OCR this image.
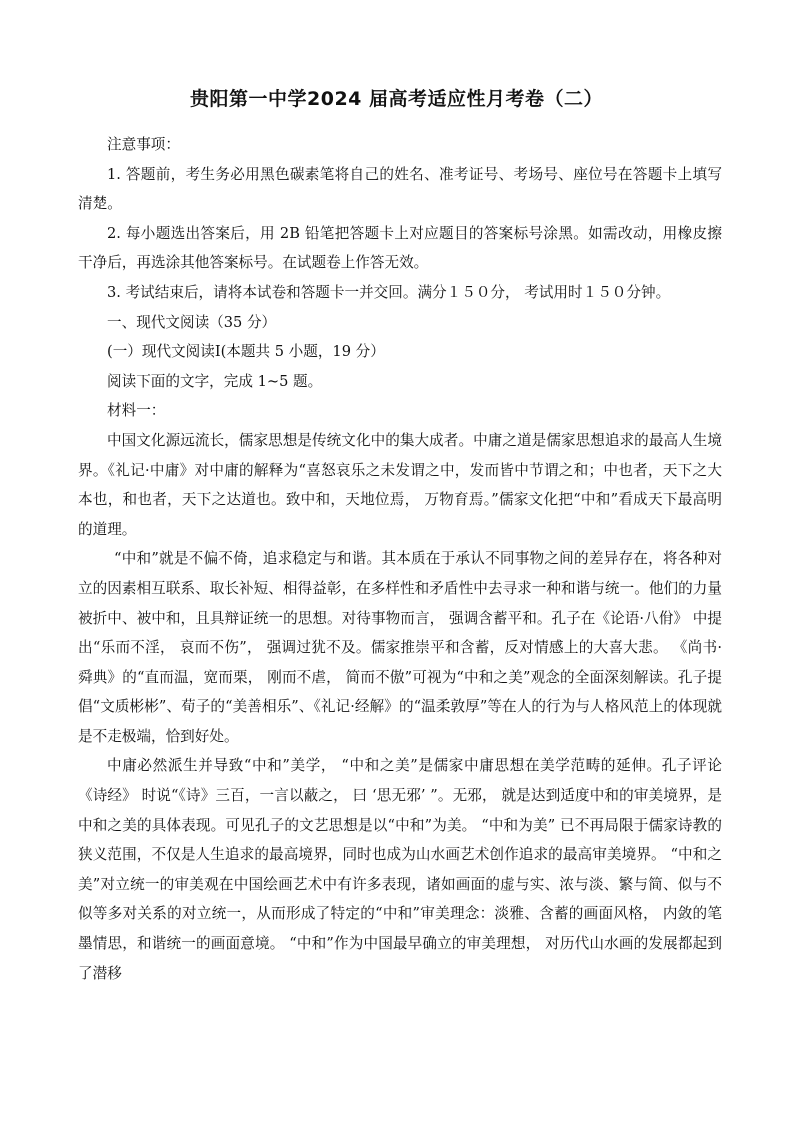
贵阳第一中学2024 届高考适应性月考卷（二）

注意事项：

1. 答题前，考生务必用黑色碳素笔将自己的姓名、准考证号、考场号、座位号在答题卡上填写清楚。

2. 每小题选出答案后，用 2B 铅笔把答题卡上对应题目的答案标号涂黑。如需改动，用橡皮擦干净后，再选涂其他答案标号。在试题卷上作答无效。

3. 考试结束后，请将本试卷和答题卡一并交回。满分１５０分， 考试用时１５０分钟。

一、现代文阅读（35 分）

(一）现代文阅读Ⅰ(本题共 5 小题，19 分）

阅读下面的文字，完成 1~5 题。

材料一：

中国文化源远流长，儒家思想是传统文化中的集大成者。中庸之道是儒家思想追求的最高人生境界。《礼记·中庸》对中庸的解释为“喜怒哀乐之未发谓之中，发而皆中节谓之和；中也者，天下之大本也，和也者，天下之达道也。致中和，天地位焉， 万物育焉。”儒家文化把“中和”看成天下最高明的道理。

“中和”就是不偏不倚，追求稳定与和谐。其本质在于承认不同事物之间的差异存在，将各种对立的因素相互联系、取长补短、相得益彰，在多样性和矛盾性中去寻求一种和谐与统一。他们的力量被折中、被中和，且具辩证统一的思想。对待事物而言， 强调含蓄平和。孔子在《论语·八佾》 中提出“乐而不淫， 哀而不伤”， 强调过犹不及。儒家推崇平和含蓄，反对情感上的大喜大悲。 《尚书·舜典》的“直而温，宽而栗， 刚而不虐， 简而不傲”可视为“中和之美”观念的全面深刻解读。孔子提倡“文质彬彬”、荀子的“美善相乐”、《礼记·经解》的“温柔敦厚”等在人的行为与人格风范上的体现就是不走极端，恰到好处。

中庸必然派生并导致“中和”美学， “中和之美”是儒家中庸思想在美学范畴的延伸。孔子评论《诗经》 时说“《诗》三百，一言以蔽之， 曰 ‘思无邪’ ”。无邪， 就是达到适度中和的审美境界，是中和之美的具体表现。可见孔子的文艺思想是以“中和”为美。 “中和为美” 已不再局限于儒家诗教的狭义范围，不仅是人生追求的最高境界，同时也成为山水画艺术创作追求的最高审美境界。 “中和之美”对立统一的审美观在中国绘画艺术中有许多表现，诸如画面的虚与实、浓与淡、繁与简、似与不似等多对关系的对立统一，从而形成了特定的“中和”审美理念：淡雅、含蓄的画面风格， 内敛的笔墨情思，和谐统一的画面意境。 “中和”作为中国最早确立的审美理想， 对历代山水画的发展都起到了潜移
